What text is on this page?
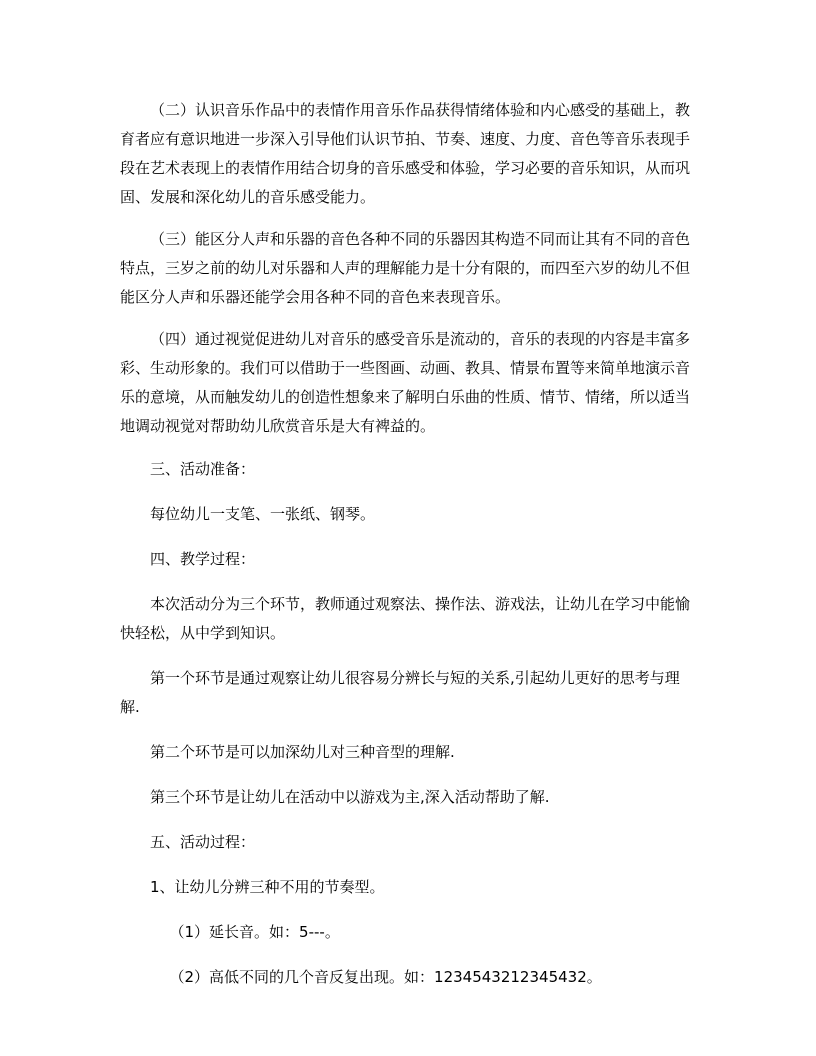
（二）认识音乐作品中的表情作用音乐作品获得情绪体验和内心感受的基础上，教育者应有意识地进一步深入引导他们认识节拍、节奏、速度、力度、音色等音乐表现手段在艺术表现上的表情作用结合切身的音乐感受和体验，学习必要的音乐知识，从而巩固、发展和深化幼儿的音乐感受能力。

（三）能区分人声和乐器的音色各种不同的乐器因其构造不同而让其有不同的音色特点，三岁之前的幼儿对乐器和人声的理解能力是十分有限的，而四至六岁的幼儿不但能区分人声和乐器还能学会用各种不同的音色来表现音乐。

（四）通过视觉促进幼儿对音乐的感受音乐是流动的，音乐的表现的内容是丰富多彩、生动形象的。我们可以借助于一些图画、动画、教具、情景布置等来简单地演示音乐的意境，从而触发幼儿的创造性想象来了解明白乐曲的性质、情节、情绪，所以适当地调动视觉对帮助幼儿欣赏音乐是大有裨益的。

三、活动准备：

每位幼儿一支笔、一张纸、钢琴。

四、教学过程：

本次活动分为三个环节，教师通过观察法、操作法、游戏法，让幼儿在学习中能愉快轻松，从中学到知识。

第一个环节是通过观察让幼儿很容易分辨长与短的关系,引起幼儿更好的思考与理解.

第二个环节是可以加深幼儿对三种音型的理解.

第三个环节是让幼儿在活动中以游戏为主,深入活动帮助了解.

五、活动过程：

1、让幼儿分辨三种不用的节奏型。

（1）延长音。如：5---。

（2）高低不同的几个音反复出现。如：1234543212345432。
